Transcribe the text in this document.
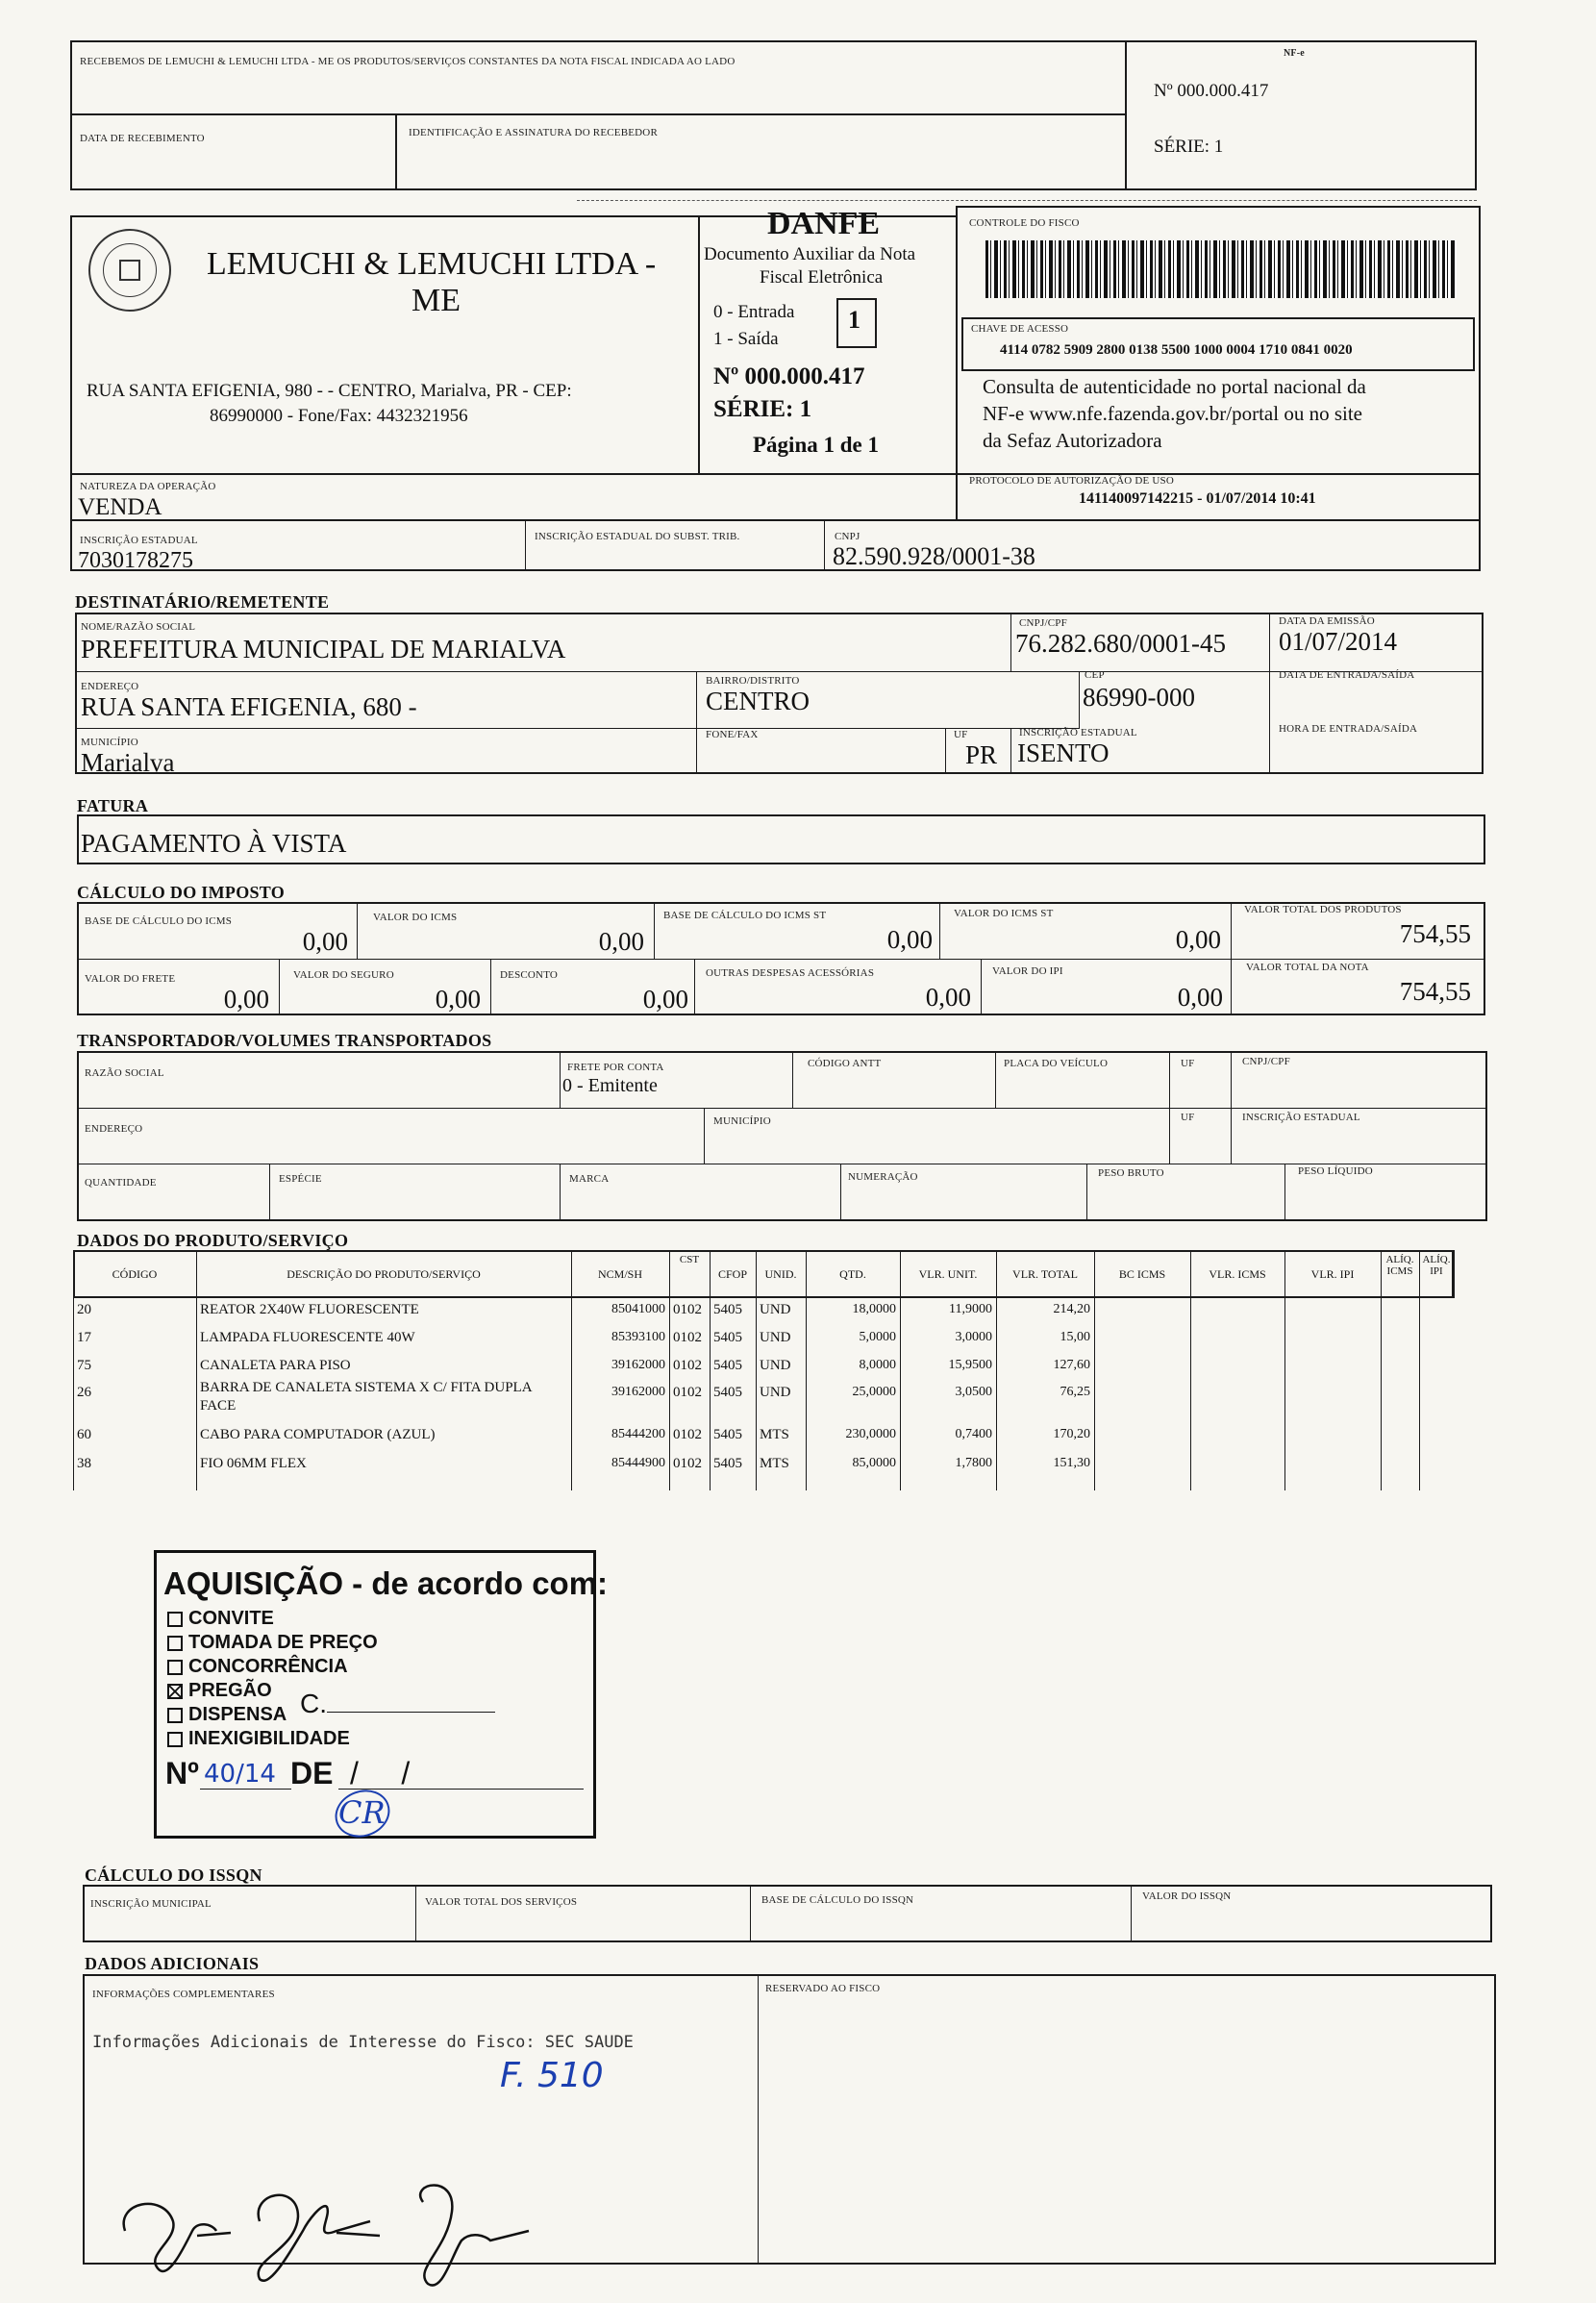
RECEBEMOS DE LEMUCHI & LEMUCHI LTDA - ME OS PRODUTOS/SERVIÇOS CONSTANTES DA NOTA FISCAL INDICADA AO LADO
DATA DE RECEBIMENTO	IDENTIFICAÇÃO E ASSINATURA DO RECEBEDOR
NF-e
Nº 000.000.417
SÉRIE: 1
LEMUCHI & LEMUCHI LTDA -
ME
RUA SANTA EFIGENIA, 980 - - CENTRO, Marialva, PR - CEP:
86990000 - Fone/Fax: 4432321956
DANFE
Documento Auxiliar da Nota
Fiscal Eletrônica
0 - Entrada
1 - Saída
1
Nº 000.000.417
SÉRIE: 1
Página 1 de 1
CONTROLE DO FISCO
CHAVE DE ACESSO
4114 0782 5909 2800 0138 5500 1000 0004 1710 0841 0020
Consulta de autenticidade no portal nacional da
NF-e www.nfe.fazenda.gov.br/portal ou no site
da Sefaz Autorizadora
NATUREZA DA OPERAÇÃO
VENDA
PROTOCOLO DE AUTORIZAÇÃO DE USO
141140097142215 - 01/07/2014 10:41
INSCRIÇÃO ESTADUAL
7030178275
INSCRIÇÃO ESTADUAL DO SUBST. TRIB.	CNPJ
82.590.928/0001-38
DESTINATÁRIO/REMETENTE
NOME/RAZÃO SOCIAL
PREFEITURA MUNICIPAL DE MARIALVA
CNPJ/CPF
76.282.680/0001-45
DATA DA EMISSÃO
01/07/2014
DATA DE ENTRADA/SAÍDA
ENDEREÇO
RUA SANTA EFIGENIA, 680 -
BAIRRO/DISTRITO
CENTRO
CEP
86990-000
MUNICÍPIO
Marialva
FONE/FAX	UF
PR
INSCRIÇÃO ESTADUAL
ISENTO
HORA DE ENTRADA/SAÍDA
FATURA
PAGAMENTO À VISTA
CÁLCULO DO IMPOSTO
BASE DE CÁLCULO DO ICMS
0,00
VALOR DO ICMS
0,00
BASE DE CÁLCULO DO ICMS ST
0,00
VALOR DO ICMS ST
0,00
VALOR TOTAL DOS PRODUTOS
754,55
VALOR DO FRETE
0,00
VALOR DO SEGURO
0,00
DESCONTO
0,00
OUTRAS DESPESAS ACESSÓRIAS
0,00
VALOR DO IPI
0,00
VALOR TOTAL DA NOTA
754,55
TRANSPORTADOR/VOLUMES TRANSPORTADOS
RAZÃO SOCIAL	FRETE POR CONTA
0 - Emitente
CÓDIGO ANTT	PLACA DO VEÍCULO	UF	CNPJ/CPF
ENDEREÇO
MUNICÍPIO	UF	INSCRIÇÃO ESTADUAL
QUANTIDADE	ESPÉCIE	MARCA	NUMERAÇÃO	PESO BRUTO	PESO LÍQUIDO
DADOS DO PRODUTO/SERVIÇO
CÓDIGO	DESCRIÇÃO DO PRODUTO/SERVIÇO	NCM/SH
CST
CFOP	UNID.	QTD.	VLR. UNIT.	VLR. TOTAL	BC ICMS	VLR. ICMS	VLR. IPI
ALÍQ. ICMS
ALÍQ. IPI
20	REATOR 2X40W FLUORESCENTE	85041000 0102 5405	UND	18,0000	11,9000	214,20
17	LAMPADA FLUORESCENTE 40W	85393100 0102 5405	UND	5,0000	3,0000	15,00
75	CANALETA PARA PISO	39162000 0102 5405	UND	8,0000	15,9500	127,60
26	BARRA DE CANALETA SISTEMA X C/ FITA DUPLA FACE
39162000 0102 5405	UND	25,0000	3,0500	76,25
60	CABO PARA COMPUTADOR (AZUL)	85444200 0102 5405	MTS	230,0000	0,7400	170,20
38	FIO 06MM FLEX	85444900 0102 5405	MTS	85,0000	1,7800	151,30
AQUISIÇÃO - de acordo com:
CONVITE
TOMADA DE PREÇO
CONCORRÊNCIA
PREGÃO
DISPENSA
INEXIGIBILIDADE
C.
Nº 40/14 DE /     /
CR
CÁLCULO DO ISSQN
INSCRIÇÃO MUNICIPAL	VALOR TOTAL DOS SERVIÇOS	BASE DE CÁLCULO DO ISSQN	VALOR DO ISSQN
DADOS ADICIONAIS
INFORMAÇÕES COMPLEMENTARES
Informações Adicionais de Interesse do Fisco: SEC SAUDE
F. 510
RESERVADO AO FISCO
